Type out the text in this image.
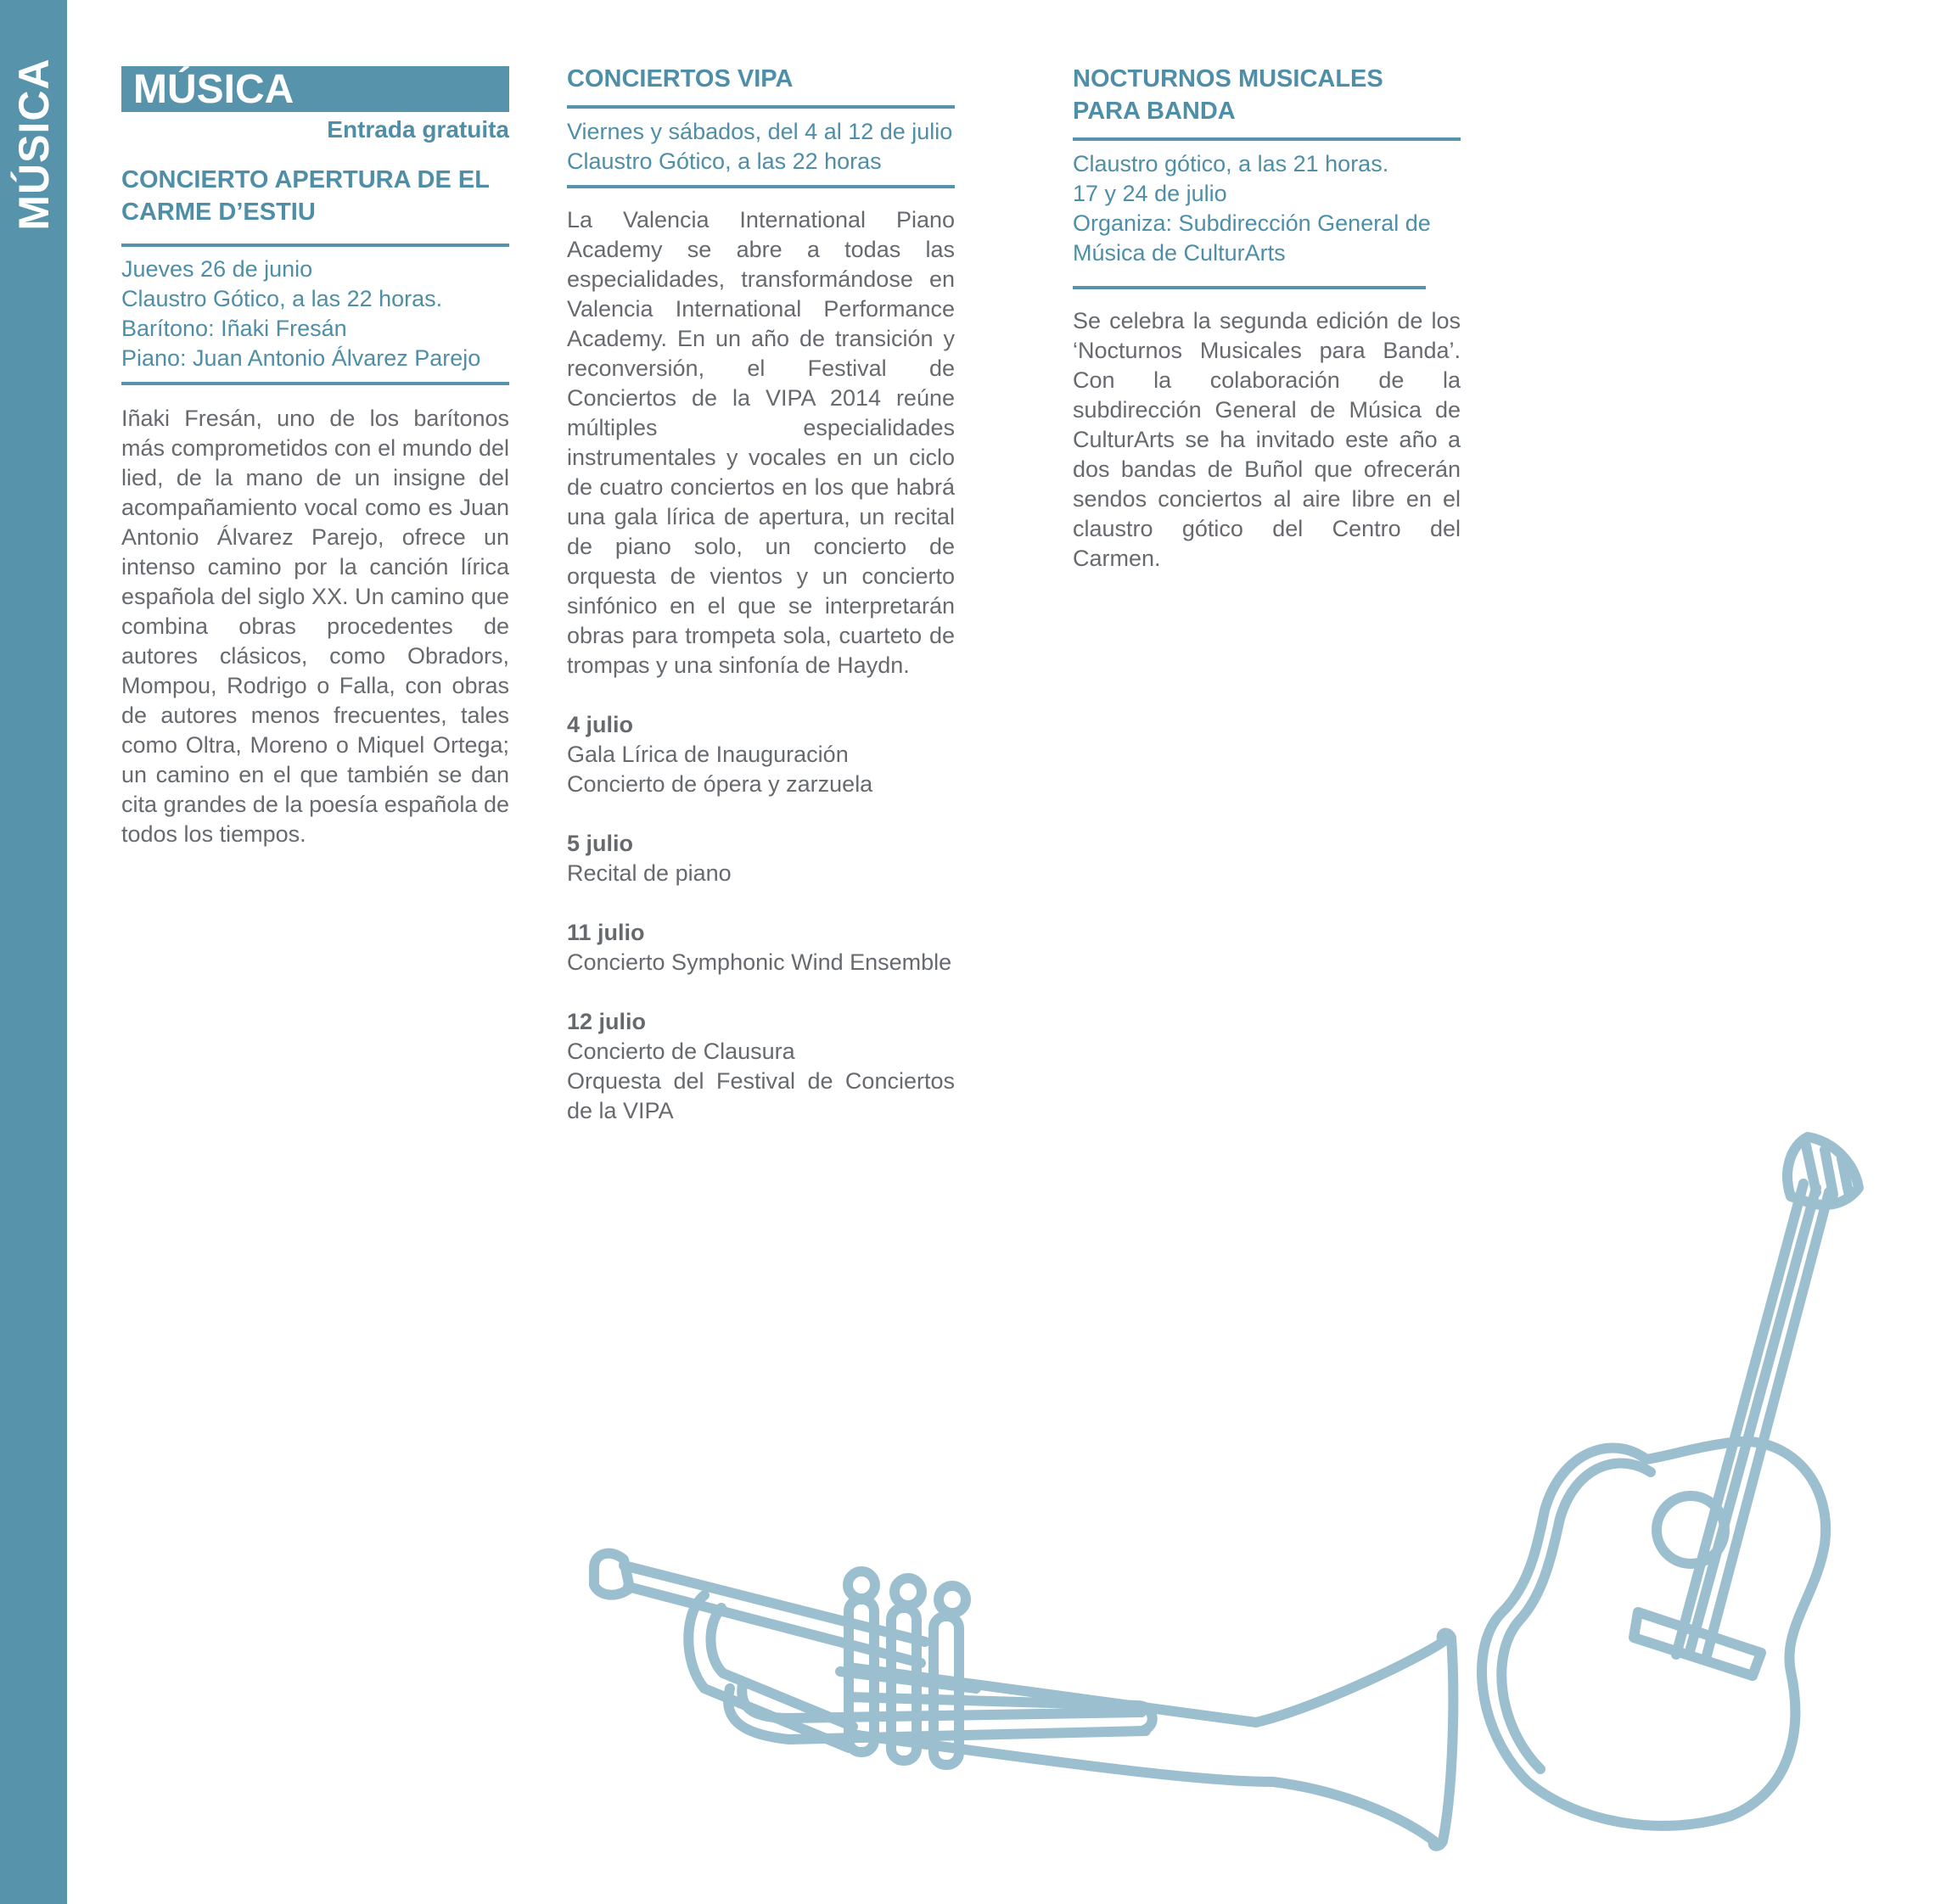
MÚSICA MÚSICA
Entrada gratuita
CONCIERTO APERTURA DE EL
CARME D’ESTIU
Jueves 26 de junio
Claustro Gótico, a las 22 horas.
Barítono: Iñaki Fresán
Piano: Juan Antonio Álvarez Parejo
Iñaki Fresán, uno de los barítonos más comprometidos con el mundo del lied, de la mano de un insigne del acompañamiento vocal como es Juan Antonio Álvarez Parejo, ofrece un intenso camino por la canción lírica española del siglo XX. Un camino que combina obras procedentes de autores clásicos, como Obradors, Mompou, Rodrigo o Falla, con obras de autores menos frecuentes, tales como Oltra, Moreno o Miquel Ortega; un camino en el que también se dan cita grandes de la poesía española de todos los tiempos.
CONCIERTOS VIPA
Viernes y sábados, del 4 al 12 de julio
Claustro Gótico, a las 22 horas
La Valencia International Piano Academy se abre a todas las especialidades, transformándose en Valencia International Performance Academy. En un año de transición y reconversión, el Festival de Conciertos de la VIPA 2014 reúne múltiples especialidades instrumentales y vocales en un ciclo de cuatro conciertos en los que habrá una gala lírica de apertura, un recital de piano solo, un concierto de orquesta de vientos y un concierto sinfónico en el que se interpretarán obras para trompeta sola, cuarteto de trompas y una sinfonía de Haydn.
4 julio
Gala Lírica de Inauguración
Concierto de ópera y zarzuela
5 julio
Recital de piano
11 julio
Concierto Symphonic Wind Ensemble
12 julio
Concierto de Clausura
Orquesta del Festival de Conciertos de la VIPA
NOCTURNOS MUSICALES
PARA BANDA
Claustro gótico, a las 21 horas.
17 y 24 de julio
Organiza: Subdirección General de
Música de CulturArts
Se celebra la segunda edición de los ‘Nocturnos Musicales para Banda’. Con la colaboración de la subdirección General de Música de CulturArts se ha invitado este año a dos bandas de Buñol que ofrecerán sendos conciertos al aire libre en el claustro gótico del Centro del Carmen.
